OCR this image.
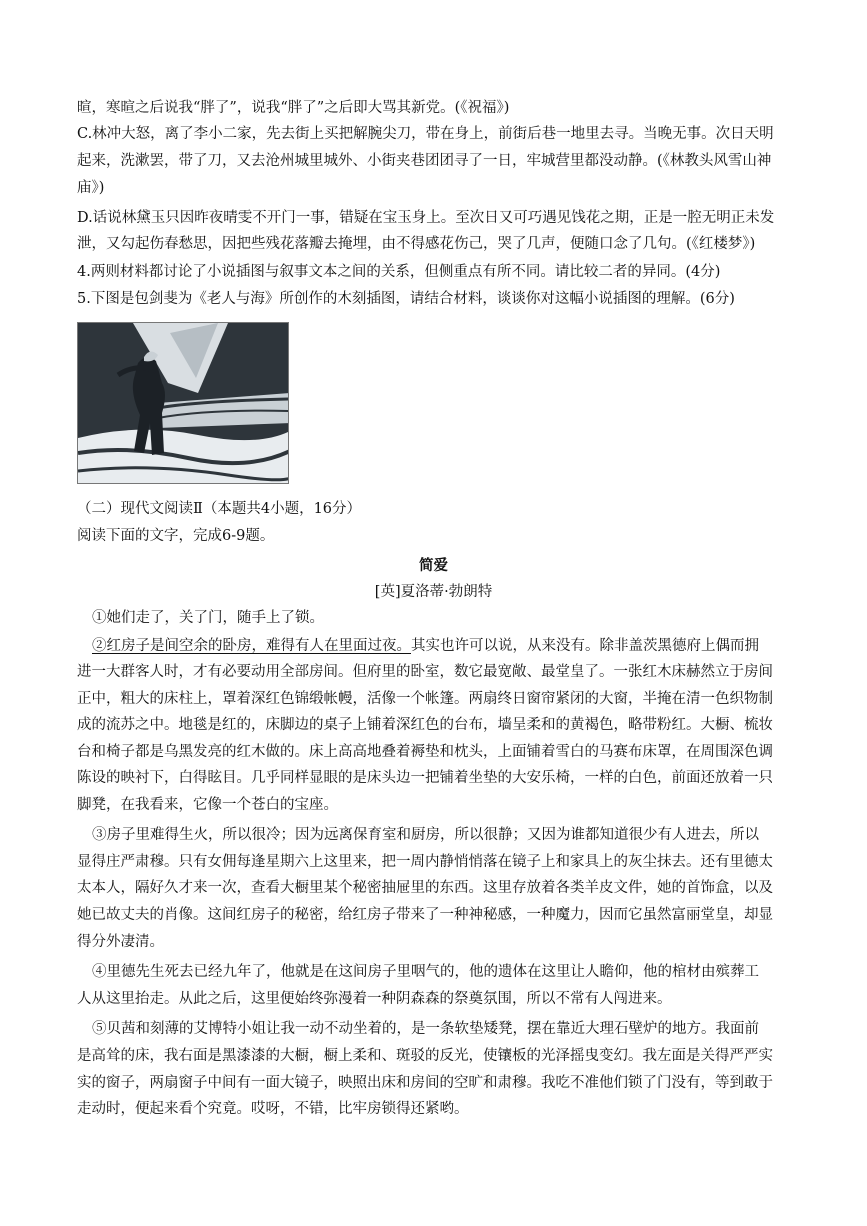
暄，寒暄之后说我“胖了”，说我“胖了”之后即大骂其新党。(《祝福》)
C.林冲大怒，离了李小二家，先去街上买把解腕尖刀，带在身上，前街后巷一地里去寻。当晚无事。次日天明
起来，洗漱罢，带了刀，又去沧州城里城外、小街夹巷团团寻了一日，牢城营里都没动静。(《林教头风雪山神
庙》)
D.话说林黛玉只因昨夜晴雯不开门一事，错疑在宝玉身上。至次日又可巧遇见饯花之期，正是一腔无明正未发
泄，又勾起伤春愁思，因把些残花落瓣去掩埋，由不得感花伤己，哭了几声，便随口念了几句。(《红楼梦》)
4.两则材料都讨论了小说插图与叙事文本之间的关系，但侧重点有所不同。请比较二者的异同。(4分)
5.下图是包剑斐为《老人与海》所创作的木刻插图，请结合材料，谈谈你对这幅小说插图的理解。(6分)
（二）现代文阅读Ⅱ（本题共4小题，16分）
阅读下面的文字，完成6-9题。
简爱
[英]夏洛蒂·勃朗特
①她们走了，关了门，随手上了锁。
②红房子是间空余的卧房，难得有人在里面过夜。其实也许可以说，从来没有。除非盖茨黑德府上偶而拥
进一大群客人时，才有必要动用全部房间。但府里的卧室，数它最宽敞、最堂皇了。一张红木床赫然立于房间
正中，粗大的床柱上，罩着深红色锦缎帐幔，活像一个帐篷。两扇终日窗帘紧闭的大窗，半掩在清一色织物制
成的流苏之中。地毯是红的，床脚边的桌子上铺着深红色的台布，墙呈柔和的黄褐色，略带粉红。大橱、梳妆
台和椅子都是乌黑发亮的红木做的。床上高高地叠着褥垫和枕头，上面铺着雪白的马赛布床罩，在周围深色调
陈设的映衬下，白得眩目。几乎同样显眼的是床头边一把铺着坐垫的大安乐椅，一样的白色，前面还放着一只
脚凳，在我看来，它像一个苍白的宝座。
③房子里难得生火，所以很冷；因为远离保育室和厨房，所以很静；又因为谁都知道很少有人进去，所以
显得庄严肃穆。只有女佣每逢星期六上这里来，把一周内静悄悄落在镜子上和家具上的灰尘抹去。还有里德太
太本人，隔好久才来一次，查看大橱里某个秘密抽屉里的东西。这里存放着各类羊皮文件，她的首饰盒，以及
她已故丈夫的肖像。这间红房子的秘密，给红房子带来了一种神秘感，一种魔力，因而它虽然富丽堂皇，却显
得分外凄清。
④里德先生死去已经九年了，他就是在这间房子里咽气的，他的遗体在这里让人瞻仰，他的棺材由殡葬工
人从这里抬走。从此之后，这里便始终弥漫着一种阴森森的祭奠氛围，所以不常有人闯进来。
⑤贝茜和刻薄的艾博特小姐让我一动不动坐着的，是一条软垫矮凳，摆在靠近大理石壁炉的地方。我面前
是高耸的床，我右面是黑漆漆的大橱，橱上柔和、斑驳的反光，使镶板的光泽摇曳变幻。我左面是关得严严实
实的窗子，两扇窗子中间有一面大镜子，映照出床和房间的空旷和肃穆。我吃不准他们锁了门没有，等到敢于
走动时，便起来看个究竟。哎呀，不错，比牢房锁得还紧哟。
